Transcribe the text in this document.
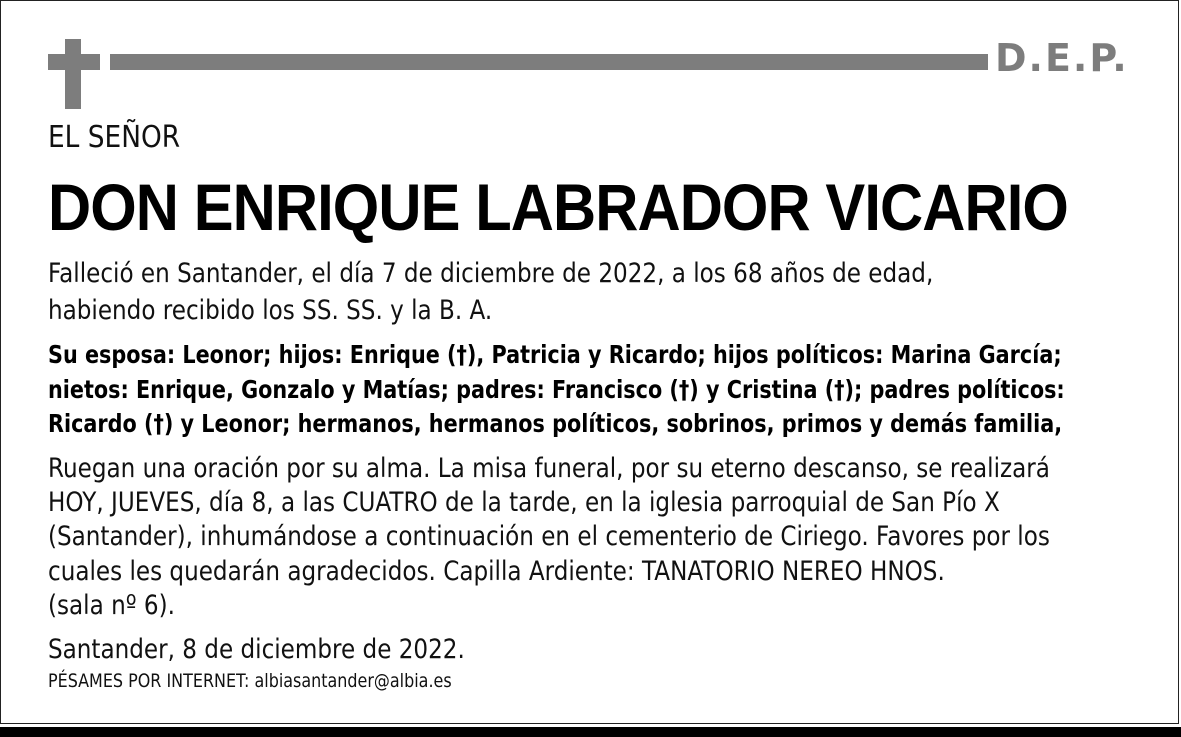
D.E.P.
EL SEÑOR
DON ENRIQUE LABRADOR VICARIO
Falleció en Santander, el día 7 de diciembre de 2022, a los 68 años de edad,
habiendo recibido los SS. SS. y la B. A.
Su esposa: Leonor; hijos: Enrique (†), Patricia y Ricardo; hijos políticos: Marina García;
nietos: Enrique, Gonzalo y Matías; padres: Francisco (†) y Cristina (†); padres políticos:
Ricardo (†) y Leonor; hermanos, hermanos políticos, sobrinos, primos y demás familia,
Ruegan una oración por su alma. La misa funeral, por su eterno descanso, se realizará
HOY, JUEVES, día 8, a las CUATRO de la tarde, en la iglesia parroquial de San Pío X
(Santander), inhumándose a continuación en el cementerio de Ciriego. Favores por los
cuales les quedarán agradecidos. Capilla Ardiente: TANATORIO NEREO HNOS.
(sala nº 6).
Santander, 8 de diciembre de 2022.
PÉSAMES POR INTERNET: albiasantander@albia.es
